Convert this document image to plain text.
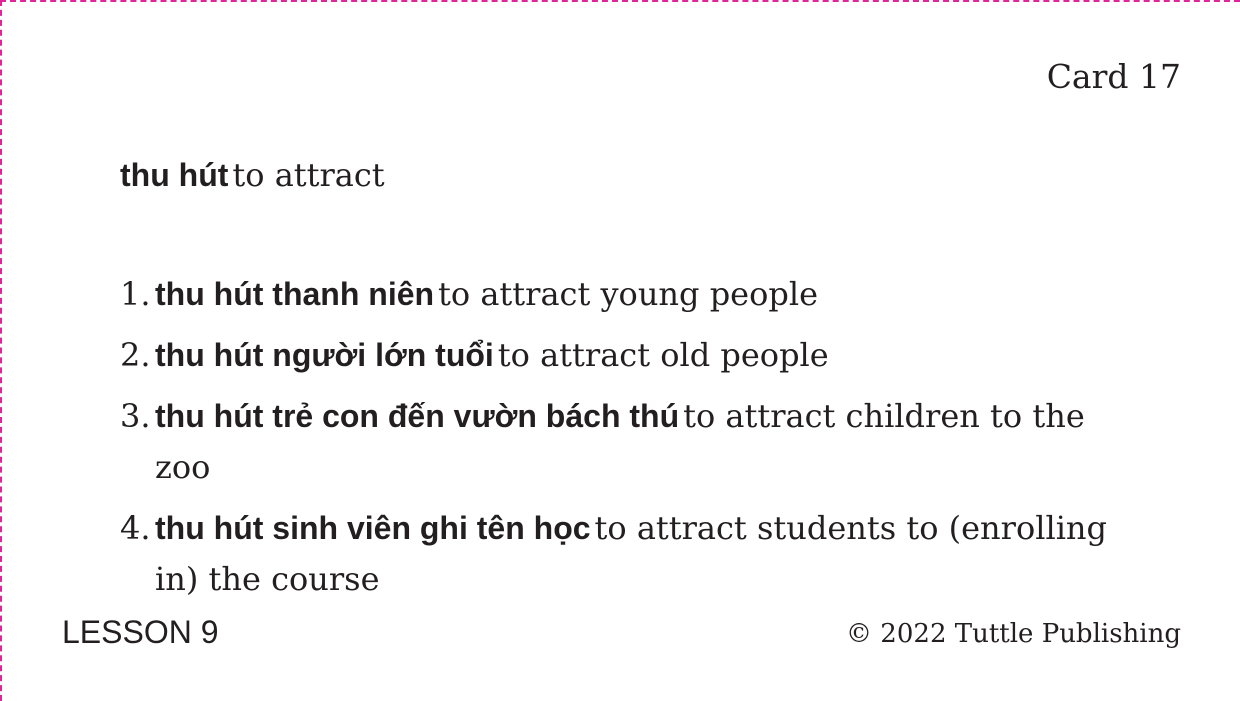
Card 17
thu hút to attract
1. thu hút thanh niên to attract young people
2. thu hút người lớn tuổi to attract old people
3. thu hút trẻ con đến vườn bách thú to attract children to the zoo
4. thu hút sinh viên ghi tên học to attract students to (enrolling in) the course
LESSON 9	© 2022 Tuttle Publishing
